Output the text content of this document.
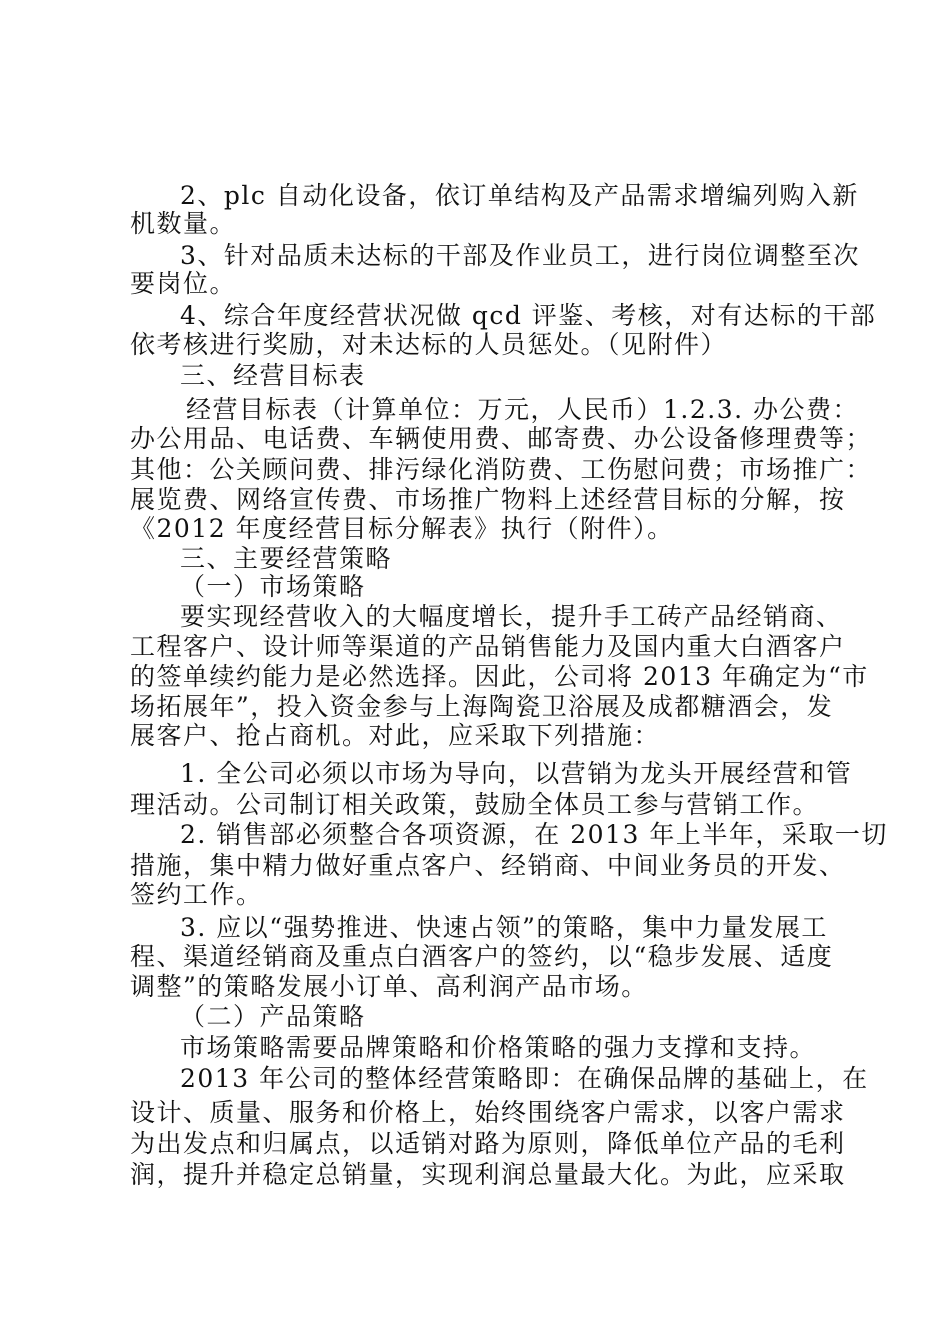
2、plc 自动化设备，依订单结构及产品需求增编列购入新
机数量。
3、针对品质未达标的干部及作业员工，进行岗位调整至次
要岗位。
4、综合年度经营状况做 qcd 评鉴、考核，对有达标的干部
依考核进行奖励，对未达标的人员惩处。（见附件）
三、经营目标表
经营目标表（计算单位：万元，人民币）1.2.3. 办公费：
办公用品、电话费、车辆使用费、邮寄费、办公设备修理费等；
其他：公关顾问费、排污绿化消防费、工伤慰问费；市场推广：
展览费、网络宣传费、市场推广物料上述经营目标的分解，按
《2012 年度经营目标分解表》执行（附件）。
三、主要经营策略
（一）市场策略
要实现经营收入的大幅度增长，提升手工砖产品经销商、
工程客户、设计师等渠道的产品销售能力及国内重大白酒客户
的签单续约能力是必然选择。因此，公司将 2013 年确定为“市
场拓展年”，投入资金参与上海陶瓷卫浴展及成都糖酒会，发
展客户、抢占商机。对此，应采取下列措施：
1. 全公司必须以市场为导向，以营销为龙头开展经营和管
理活动。公司制订相关政策，鼓励全体员工参与营销工作。
2. 销售部必须整合各项资源，在 2013 年上半年，采取一切
措施，集中精力做好重点客户、经销商、中间业务员的开发、
签约工作。
3. 应以“强势推进、快速占领”的策略，集中力量发展工
程、渠道经销商及重点白酒客户的签约，以“稳步发展、适度
调整”的策略发展小订单、高利润产品市场。
（二）产品策略
市场策略需要品牌策略和价格策略的强力支撑和支持。
2013 年公司的整体经营策略即：在确保品牌的基础上，在
设计、质量、服务和价格上，始终围绕客户需求，以客户需求
为出发点和归属点，以适销对路为原则，降低单位产品的毛利
润，提升并稳定总销量，实现利润总量最大化。为此，应采取
